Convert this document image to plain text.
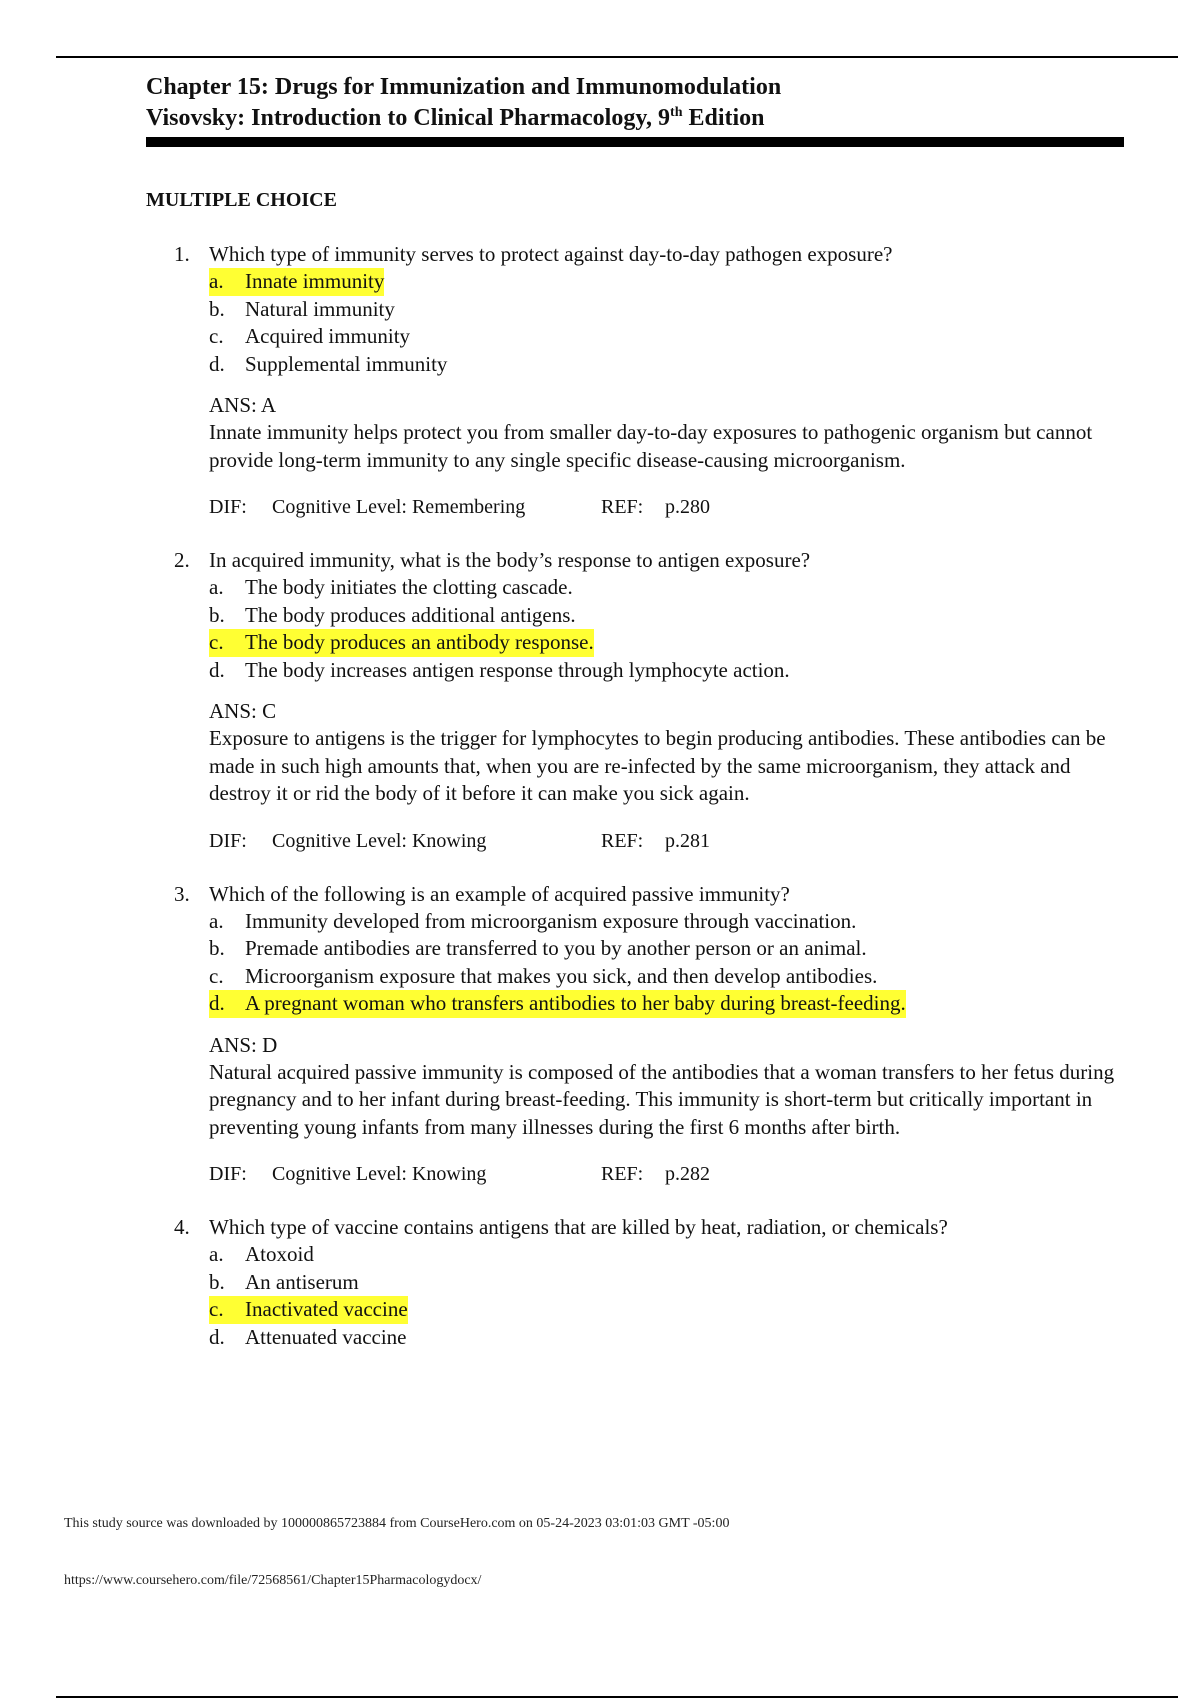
Chapter 15: Drugs for Immunization and Immunomodulation
Visovsky: Introduction to Clinical Pharmacology, 9th Edition
MULTIPLE CHOICE
1. Which type of immunity serves to protect against day-to-day pathogen exposure?
a.	Innate immunity
b. Natural immunity
c.	Acquired immunity
d. Supplemental immunity
ANS: A
Innate immunity helps protect you from smaller day-to-day exposures to pathogenic organism but cannot provide long-term immunity to any single specific disease-causing microorganism.
DIF:	Cognitive Level: Remembering	REF:	p.280
2. In acquired immunity, what is the body’s response to antigen exposure?
a.	The body initiates the clotting cascade.
b. The body produces additional antigens.
c.	The body produces an antibody response.
d. The body increases antigen response through lymphocyte action.
ANS: C
Exposure to antigens is the trigger for lymphocytes to begin producing antibodies. These antibodies can be made in such high amounts that, when you are re-infected by the same microorganism, they attack and destroy it or rid the body of it before it can make you sick again.
DIF:	Cognitive Level: Knowing	REF:	p.281
3. Which of the following is an example of acquired passive immunity?
a.	Immunity developed from microorganism exposure through vaccination.
b. Premade antibodies are transferred to you by another person or an animal.
c.	Microorganism exposure that makes you sick, and then develop antibodies.
d. A pregnant woman who transfers antibodies to her baby during breast-feeding.
ANS: D
Natural acquired passive immunity is composed of the antibodies that a woman transfers to her fetus during pregnancy and to her infant during breast-feeding. This immunity is short-term but critically important in preventing young infants from many illnesses during the first 6 months after birth.
DIF:	Cognitive Level: Knowing	REF:	p.282
4. Which type of vaccine contains antigens that are killed by heat, radiation, or chemicals?
a.	Atoxoid
b. An antiserum
c.	Inactivated vaccine
d. Attenuated vaccine
This study source was downloaded by 100000865723884 from CourseHero.com on 05-24-2023 03:01:03 GMT -05:00
https://www.coursehero.com/file/72568561/Chapter15Pharmacologydocx/
